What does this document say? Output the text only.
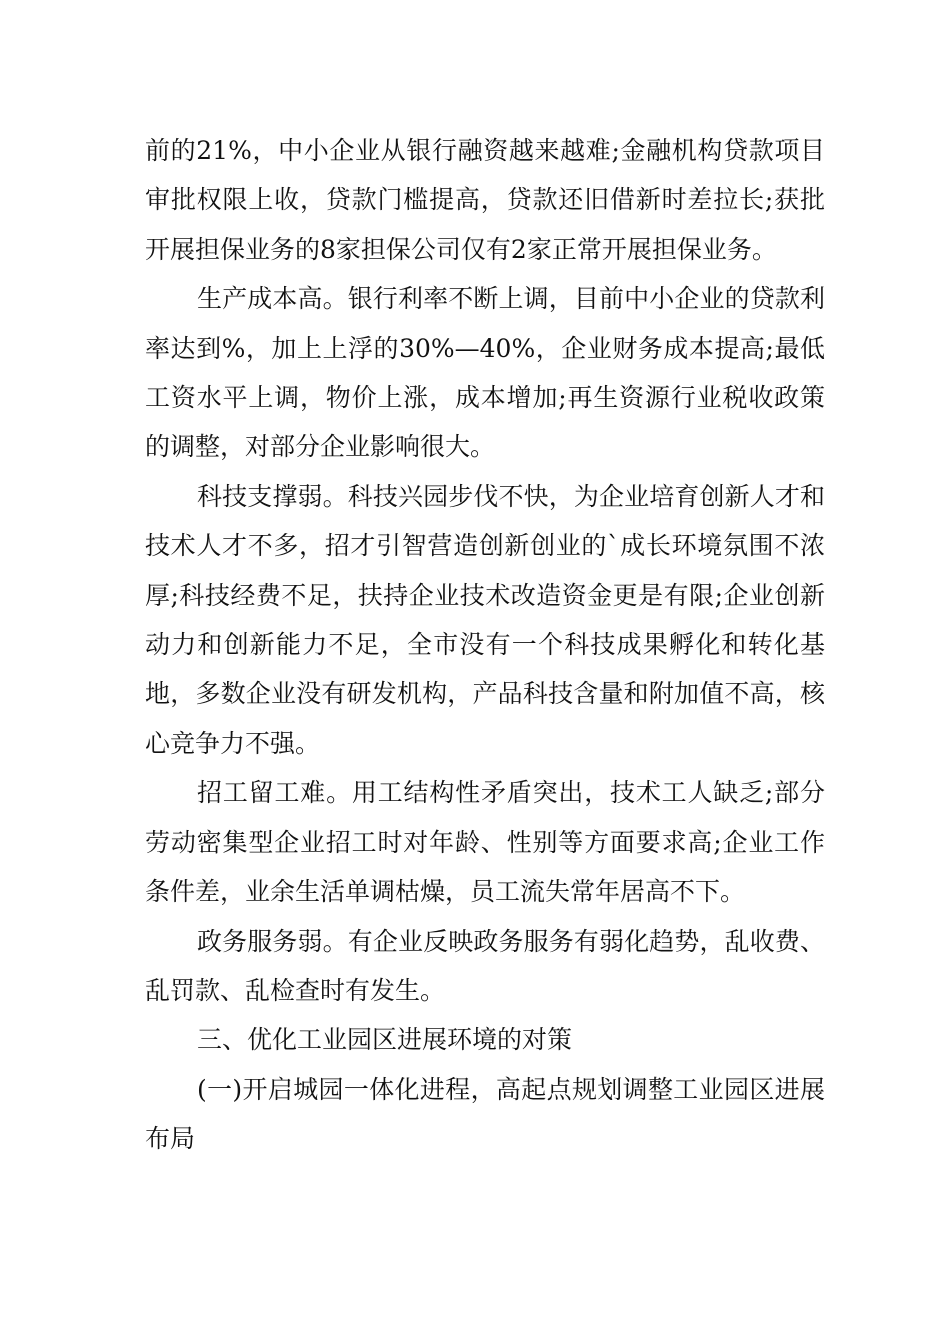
前的21%，中小企业从银行融资越来越难;金融机构贷款项目审批权限上收，贷款门槛提高，贷款还旧借新时差拉长;获批开展担保业务的8家担保公司仅有2家正常开展担保业务。

生产成本高。银行利率不断上调，目前中小企业的贷款利率达到%，加上上浮的30%—40%，企业财务成本提高;最低工资水平上调，物价上涨，成本增加;再生资源行业税收政策的调整，对部分企业影响很大。

科技支撑弱。科技兴园步伐不快，为企业培育创新人才和技术人才不多，招才引智营造创新创业的`成长环境氛围不浓厚;科技经费不足，扶持企业技术改造资金更是有限;企业创新动力和创新能力不足，全市没有一个科技成果孵化和转化基地，多数企业没有研发机构，产品科技含量和附加值不高，核心竞争力不强。

招工留工难。用工结构性矛盾突出，技术工人缺乏;部分劳动密集型企业招工时对年龄、性别等方面要求高;企业工作条件差，业余生活单调枯燥，员工流失常年居高不下。

政务服务弱。有企业反映政务服务有弱化趋势，乱收费、乱罚款、乱检查时有发生。

三、优化工业园区进展环境的对策

(一)开启城园一体化进程，高起点规划调整工业园区进展布局
